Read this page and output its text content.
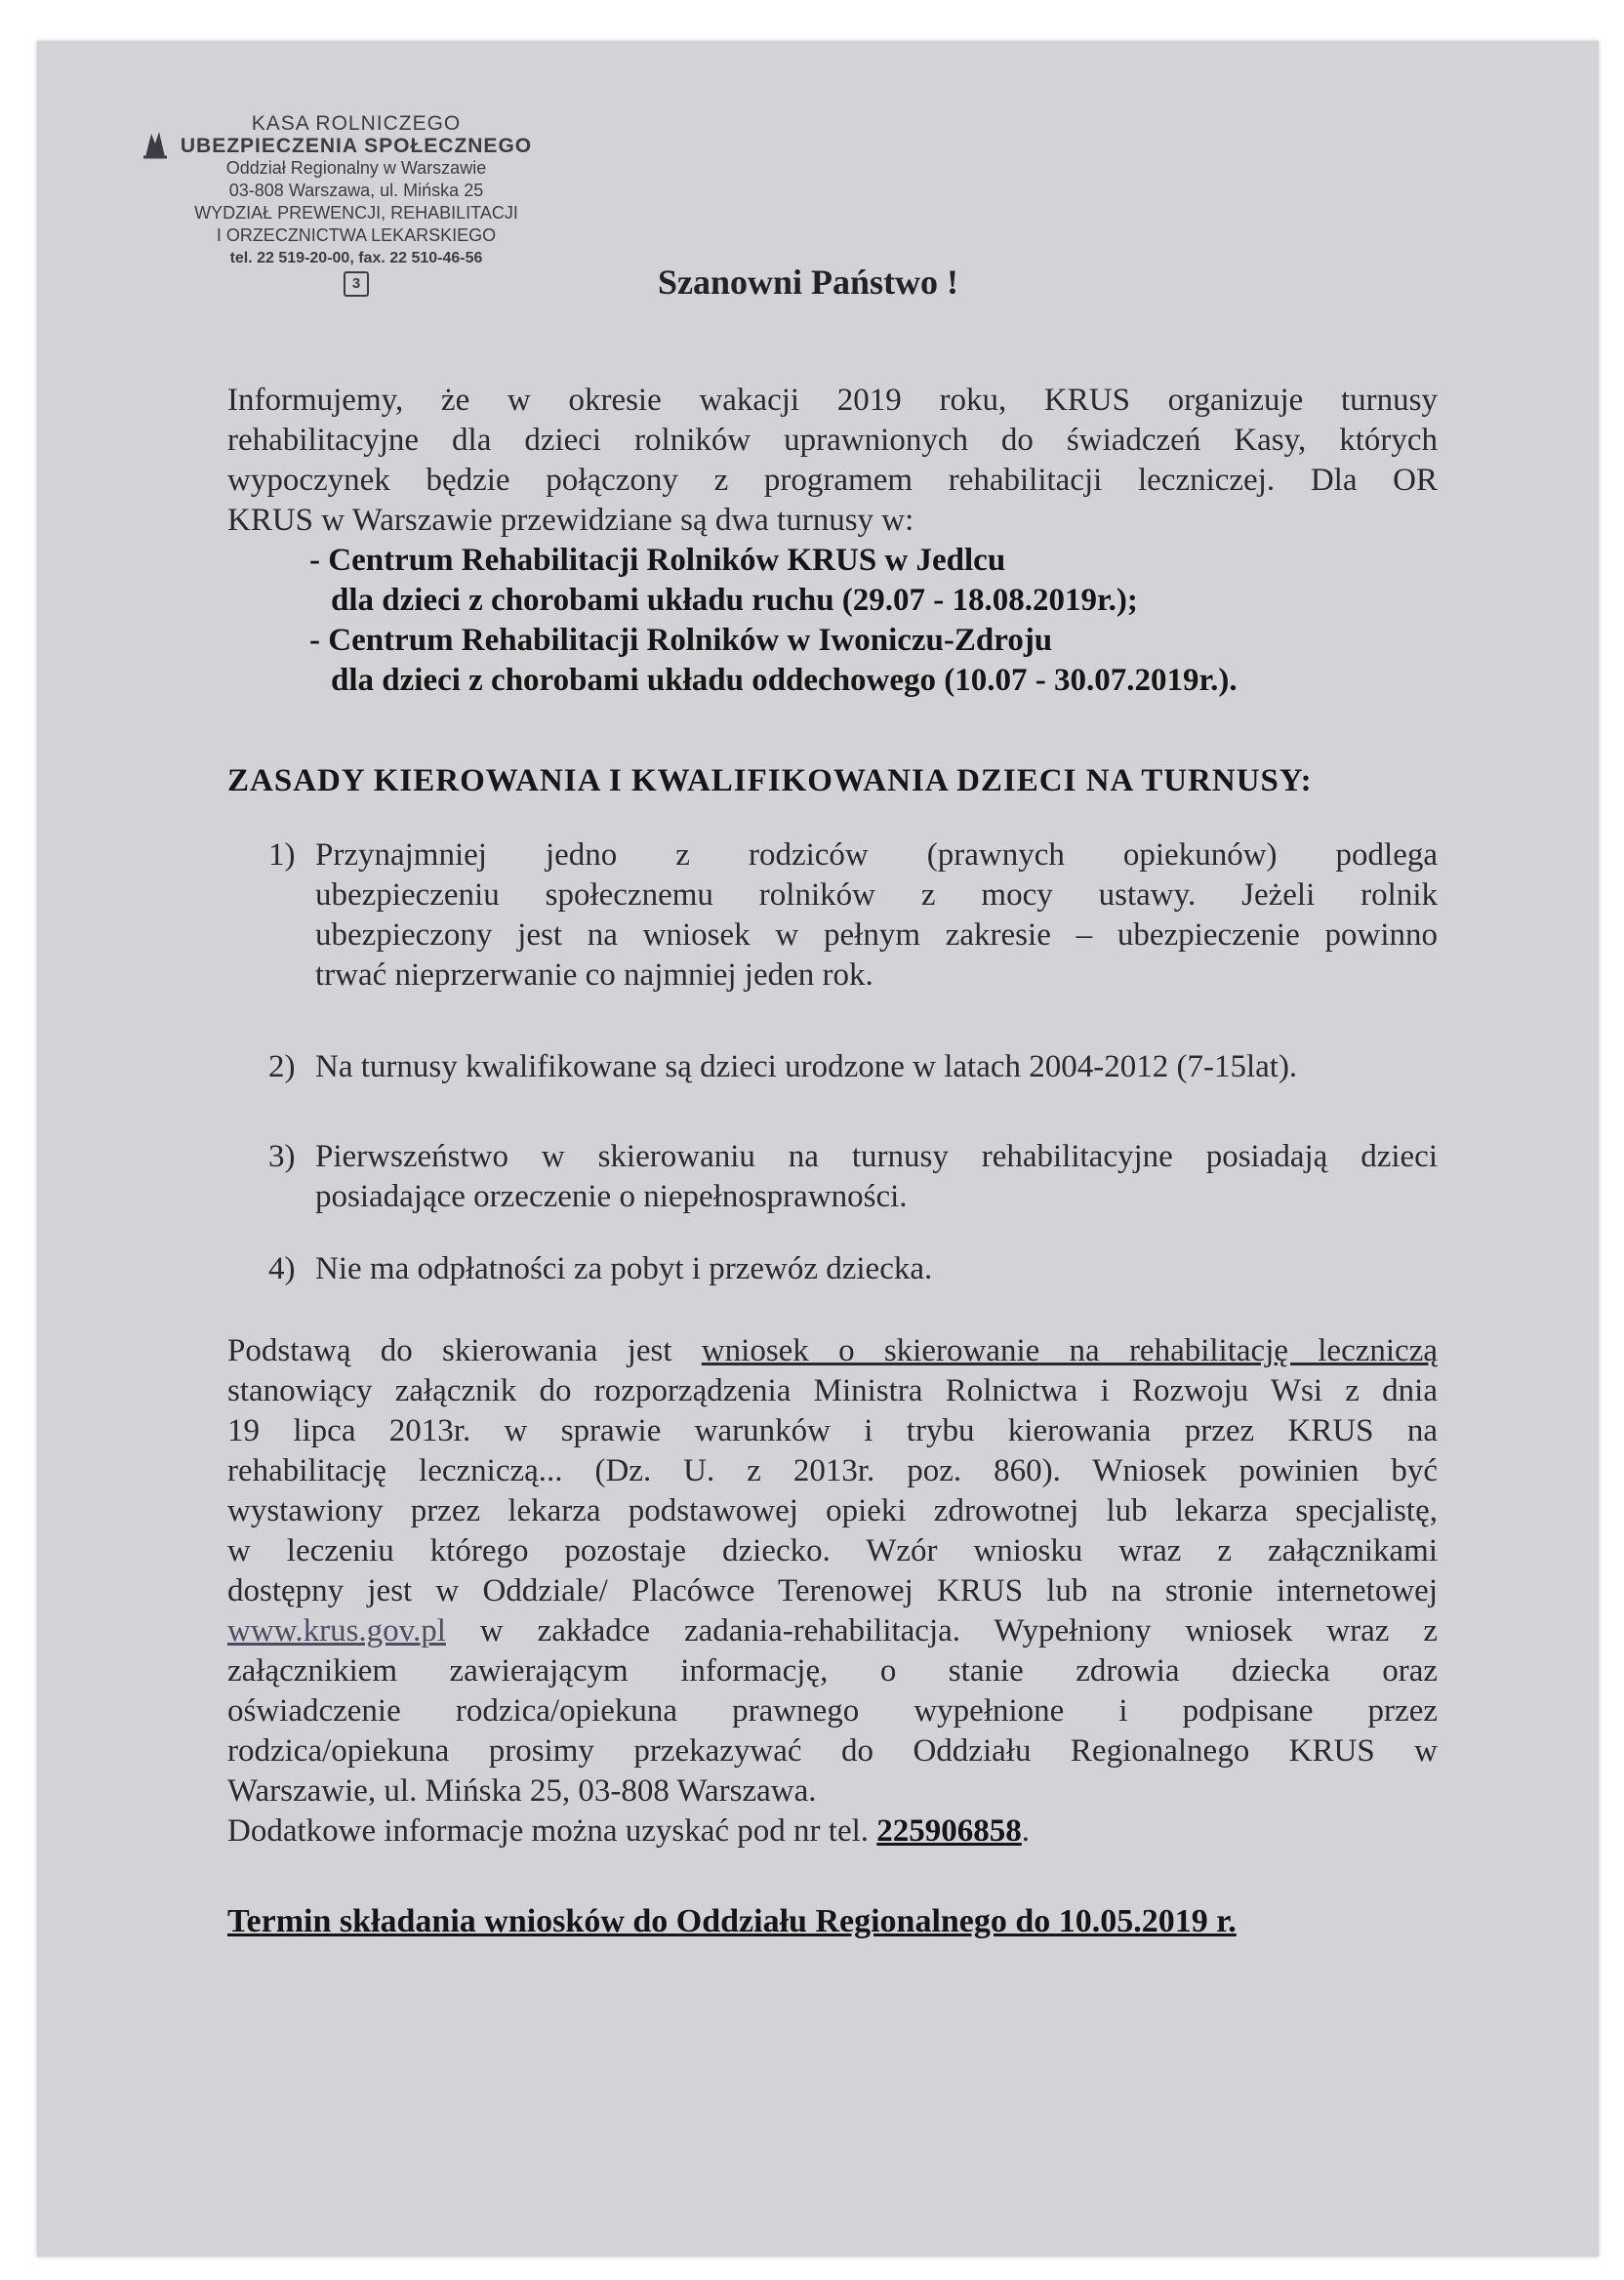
KASA ROLNICZEGO
UBEZPIECZENIA SPOŁECZNEGO
Oddział Regionalny w Warszawie
03-808 Warszawa, ul. Mińska 25
WYDZIAŁ PREWENCJI, REHABILITACJI
I ORZECZNICTWA LEKARSKIEGO
tel. 22 519-20-00, fax. 22 510-46-56
3	Szanowni Państwo !
Informujemy, że w okresie wakacji 2019 roku, KRUS organizuje turnusy
rehabilitacyjne dla dzieci rolników uprawnionych do świadczeń Kasy, których
wypoczynek będzie połączony z programem rehabilitacji leczniczej. Dla OR
KRUS w Warszawie przewidziane są dwa turnusy w:
- Centrum Rehabilitacji Rolników KRUS w Jedlcu
dla dzieci z chorobami układu ruchu (29.07 - 18.08.2019r.);
- Centrum Rehabilitacji Rolników w Iwoniczu-Zdroju
dla dzieci z chorobami układu oddechowego (10.07 - 30.07.2019r.).
ZASADY KIEROWANIA I KWALIFIKOWANIA DZIECI NA TURNUSY:
1) Przynajmniej jedno z rodziców (prawnych opiekunów) podlega
ubezpieczeniu społecznemu rolników z mocy ustawy. Jeżeli rolnik
ubezpieczony jest na wniosek w pełnym zakresie – ubezpieczenie powinno
trwać nieprzerwanie co najmniej jeden rok.
2) Na turnusy kwalifikowane są dzieci urodzone w latach 2004-2012 (7-15lat).
3) Pierwszeństwo w skierowaniu na turnusy rehabilitacyjne posiadają dzieci
posiadające orzeczenie o niepełnosprawności.
4) Nie ma odpłatności za pobyt i przewóz dziecka.
Podstawą do skierowania jest wniosek o skierowanie na rehabilitację leczniczą
stanowiący załącznik do rozporządzenia Ministra Rolnictwa i Rozwoju Wsi z dnia
19 lipca 2013r. w sprawie warunków i trybu kierowania przez KRUS na
rehabilitację leczniczą... (Dz. U. z 2013r. poz. 860). Wniosek powinien być
wystawiony przez lekarza podstawowej opieki zdrowotnej lub lekarza specjalistę,
w leczeniu którego pozostaje dziecko. Wzór wniosku wraz z załącznikami
dostępny jest w Oddziale/ Placówce Terenowej KRUS lub na stronie internetowej
www.krus.gov.pl w zakładce zadania-rehabilitacja. Wypełniony wniosek wraz z
załącznikiem zawierającym informację, o stanie zdrowia dziecka oraz
oświadczenie rodzica/opiekuna prawnego wypełnione i podpisane przez
rodzica/opiekuna prosimy przekazywać do Oddziału Regionalnego KRUS w
Warszawie, ul. Mińska 25, 03-808 Warszawa.
Dodatkowe informacje można uzyskać pod nr tel. 225906858.
Termin składania wniosków do Oddziału Regionalnego do 10.05.2019 r.
